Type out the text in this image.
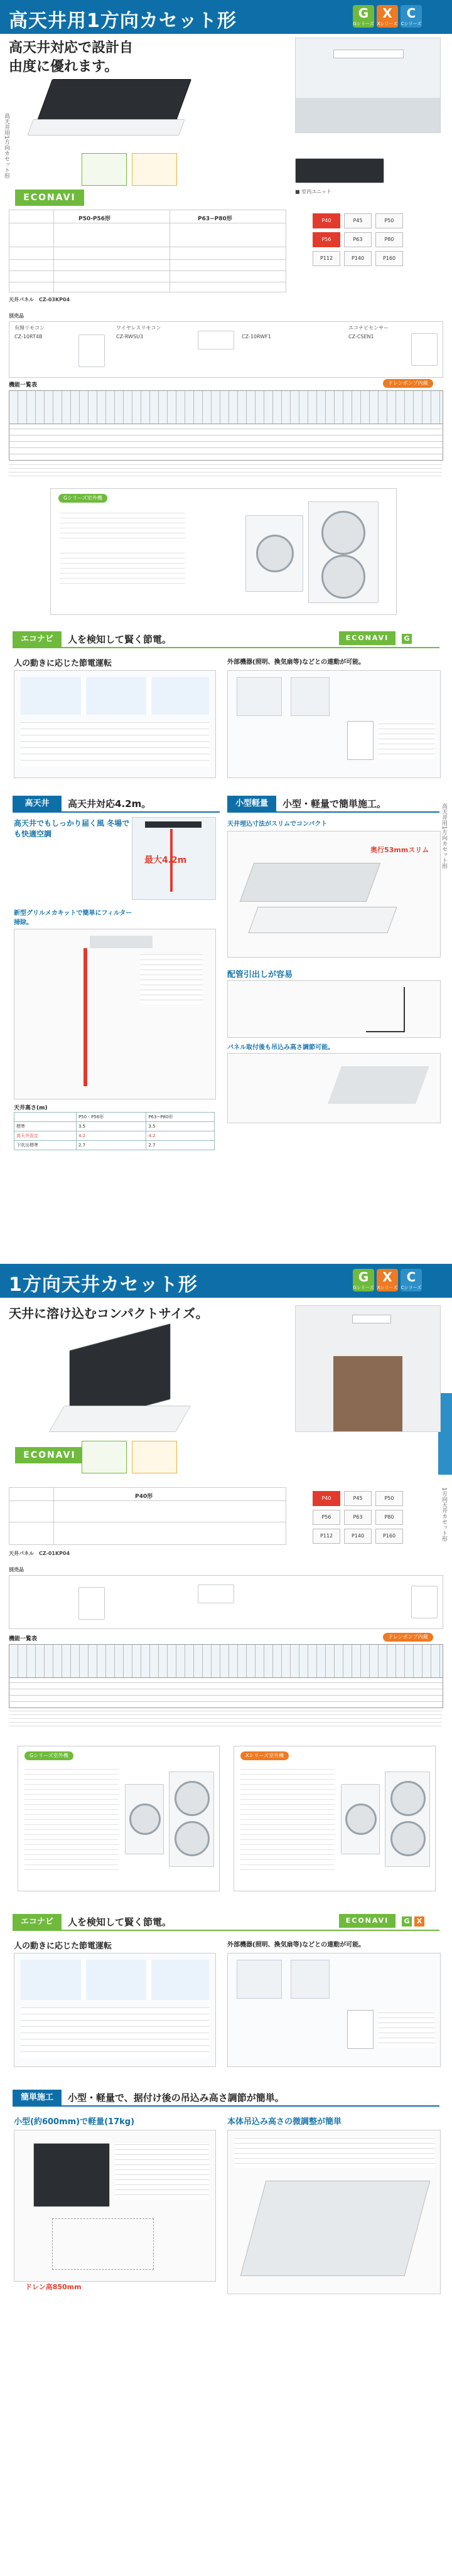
高天井用1方向カセット形	G
Gシリーズ
X
Xシリーズ
C
Cシリーズ
高天井対応で設計自由度に優れます。
高天井用1方向カセット形
ECONAVI
■ 室内ユニット
P50-P56形	P63~P80形	P40	P45	P50
P56	P63	P80
P112	P140	P160
天井パネル　 CZ-03KP04
別売品
有線リモコン	ワイヤレスリモコン	エコナビセンサー
CZ-10RT4B	CZ-RWSU3	CZ-10RWF1	CZ-CSEN1
機能一覧表	ドレンポンプ内蔵
Gシリーズ室外機
エコナビ	人を検知して賢く節電。	ECONAVI	G
人の動きに応じた節電運転	外部機器(照明、換気扇等)などとの連動が可能。
高天井	高天井対応4.2m。	小型軽量	小型・軽量で簡単施工。
高天井でもしっかり届く風 冬場でも快適空調
最大4.2m
新型グリルメカキットで簡単にフィルター掃除。
天井高さ(m)
	P50・P56形	P63~P80形
標準	3.5	3.5
高天井設定	4.2	4.2
下吹出標準	2.7	2.7
天井埋込寸法がスリムでコンパクト
奥行53mmスリム
配管引出しが容易
パネル取付後も吊込み高さ調節可能。
1方向天井カセット形	G
Gシリーズ
X
Xシリーズ
C
Cシリーズ
天井に溶け込むコンパクトサイズ。
1方向天井カセット形
高天井用1方向カセット形
ECONAVI
P40形	P40	P45	P50
P56	P63	P80
P112	P140	P160
天井パネル　 CZ-01KP04
別売品
機能一覧表	ドレンポンプ内蔵
Gシリーズ室外機	Xシリーズ室外機
エコナビ	人を検知して賢く節電。	ECONAVI	G	X
人の動きに応じた節電運転	外部機器(照明、換気扇等)などとの連動が可能。
簡単施工	小型・軽量で、据付け後の吊込み高さ調節が簡単。
小型(約600mm)で軽量(17kg)
ドレン高850mm
本体吊込み高さの微調整が簡単
